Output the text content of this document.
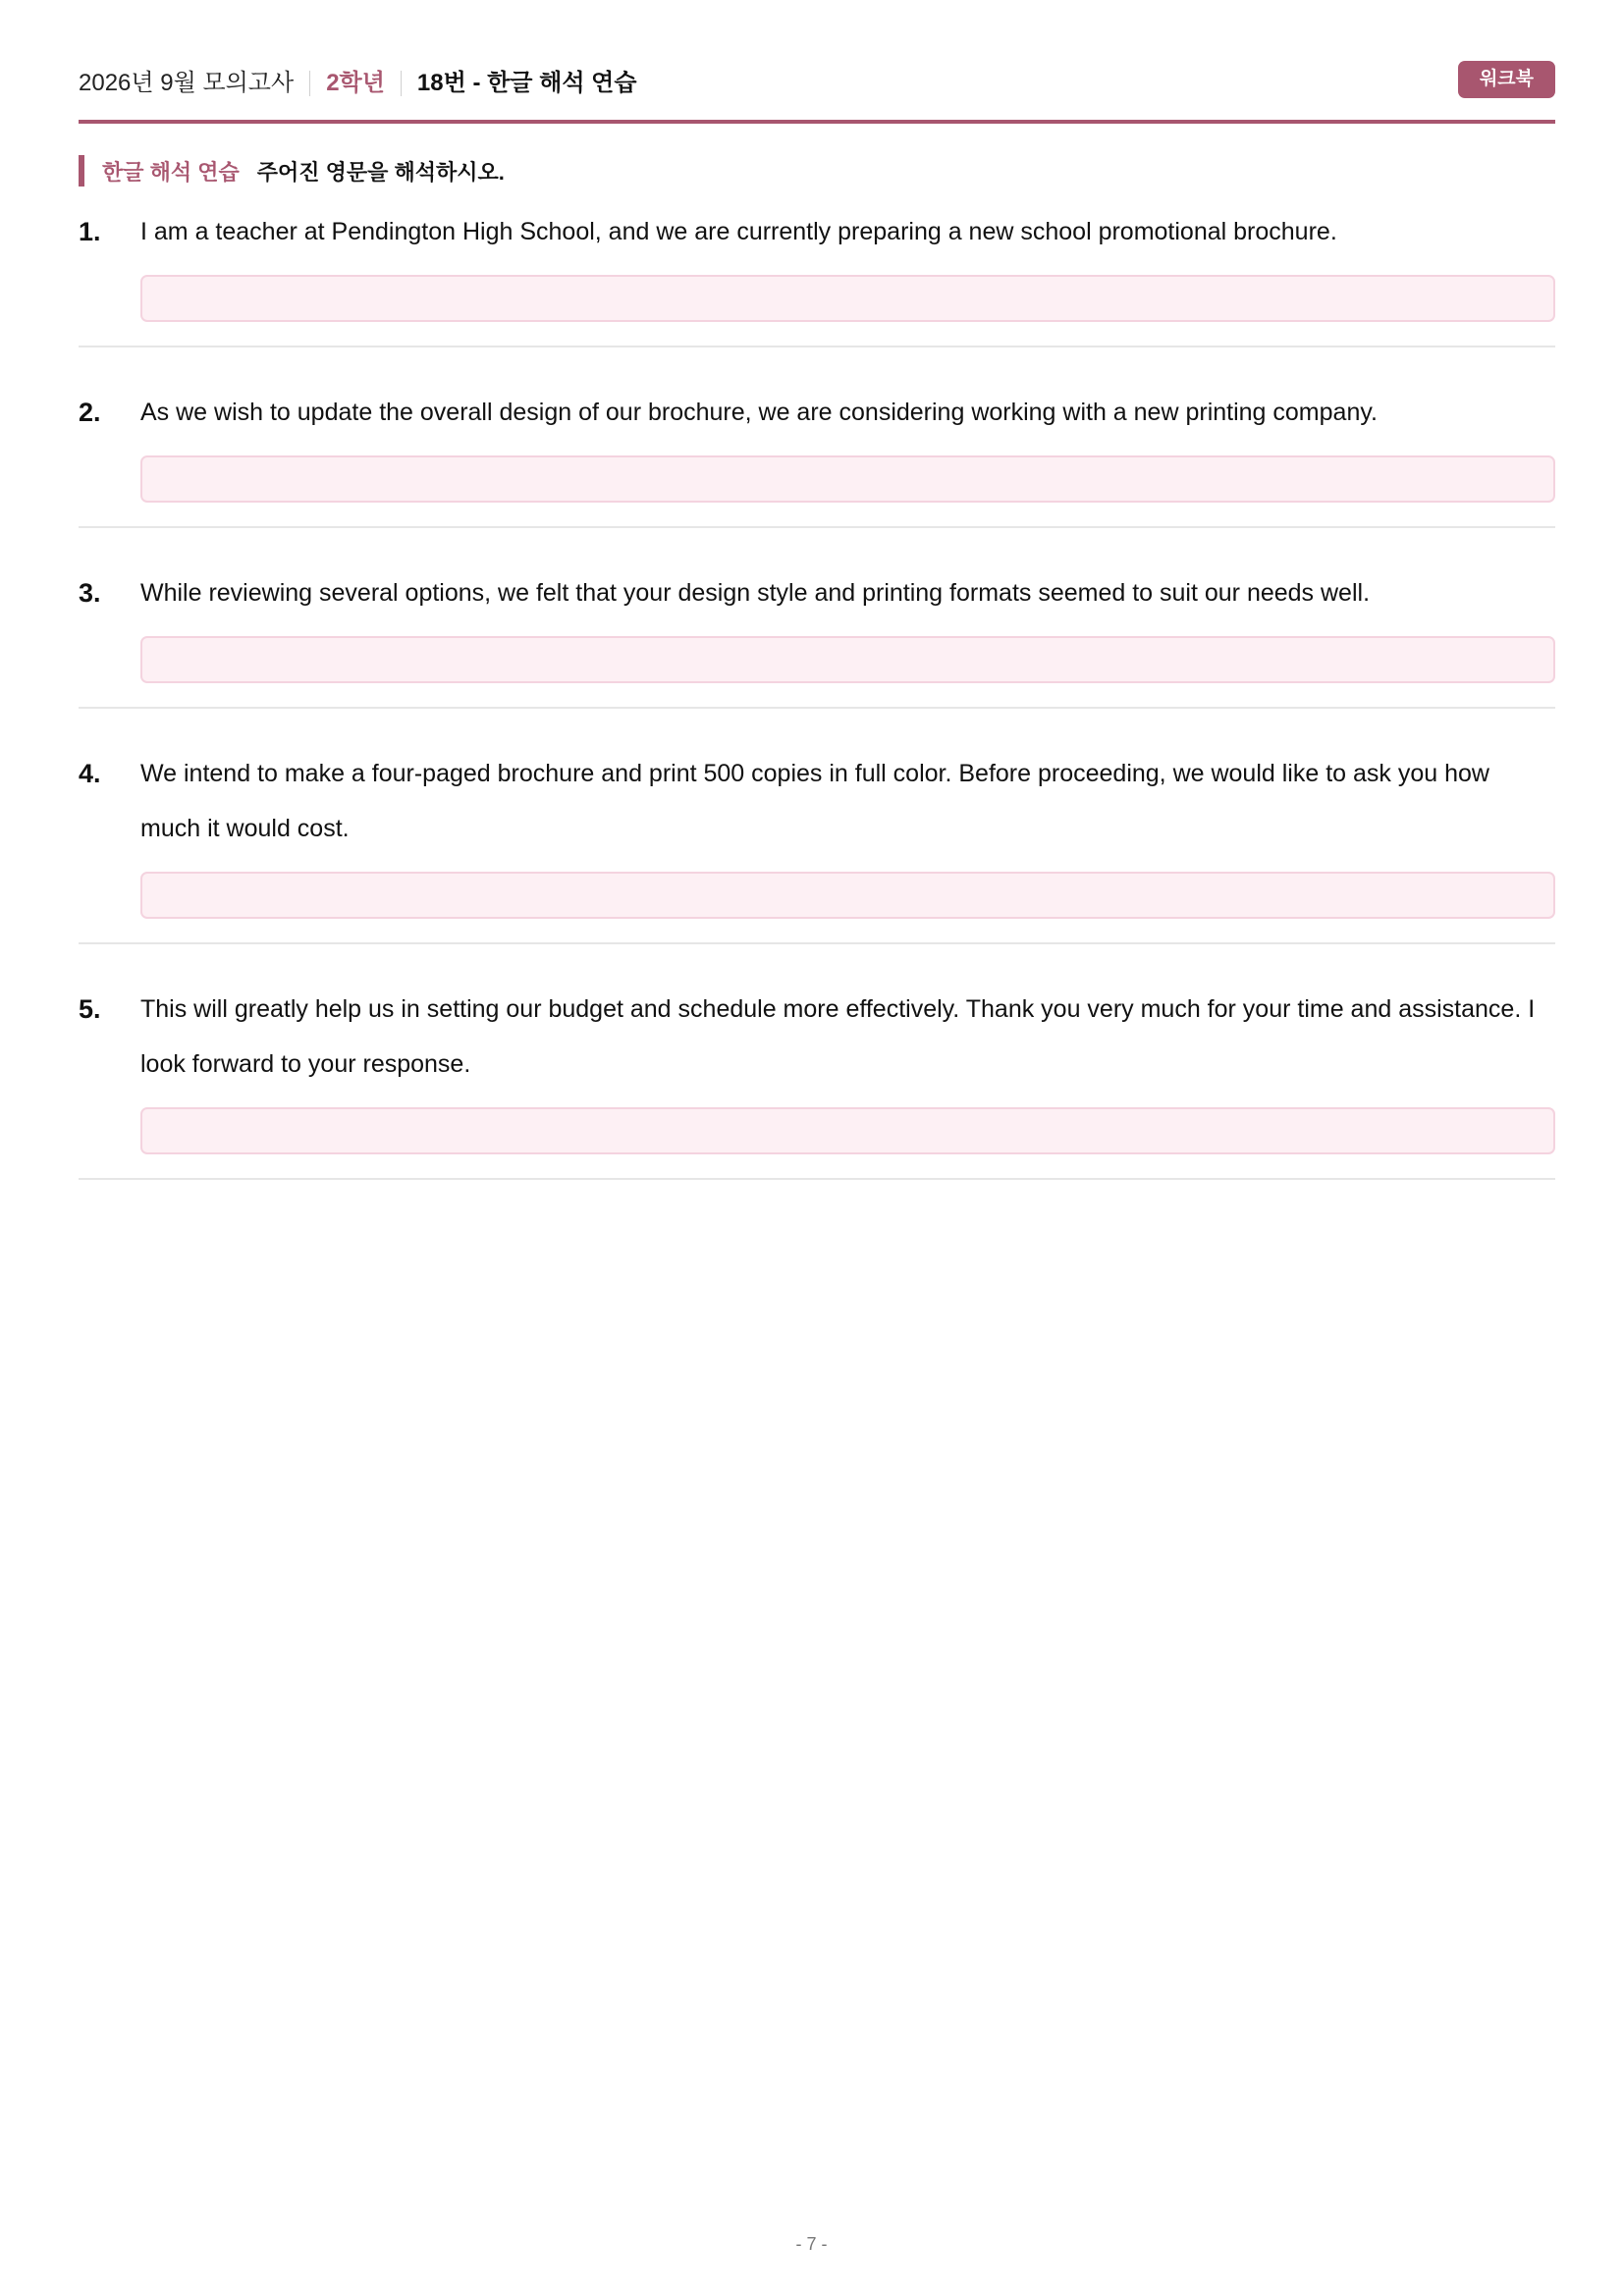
2026년 9월 모의고사 2학년 18번 - 한글 해석 연습	워크북
한글 해석 연습 주어진 영문을 해석하시오.
1. I am a teacher at Pendington High School, and we are currently preparing a new school promotional brochure.
2. As we wish to update the overall design of our brochure, we are considering working with a new printing company.
3. While reviewing several options, we felt that your design style and printing formats seemed to suit our needs well.
4. We intend to make a four-paged brochure and print 500 copies in full color. Before proceeding, we would like to ask you how much it would cost.
5. This will greatly help us in setting our budget and schedule more effectively. Thank you very much for your time and assistance. I look forward to your response.
- 7 -
